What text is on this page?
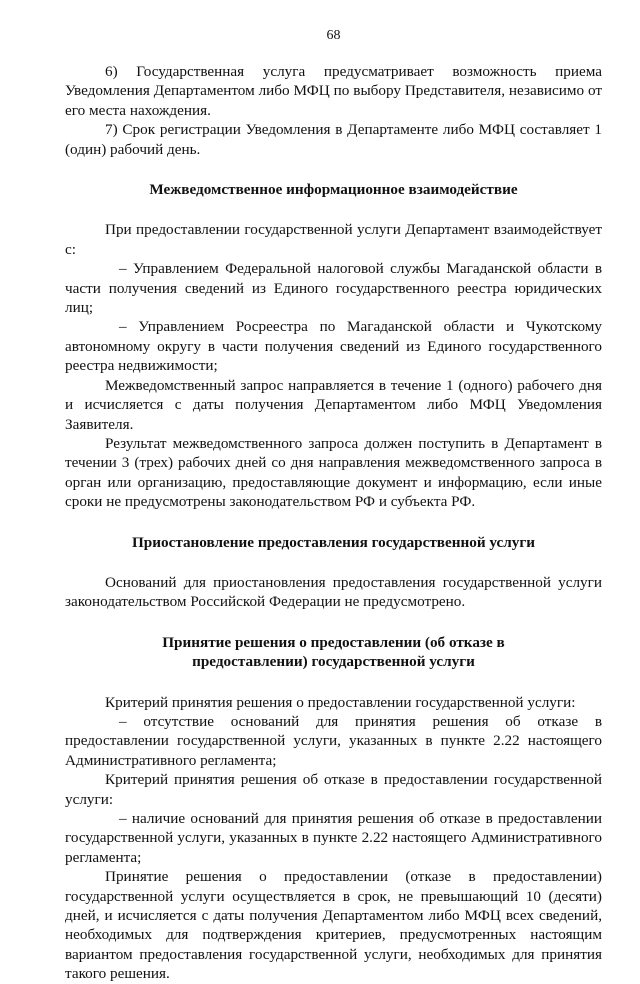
68

6) Государственная услуга предусматривает возможность приема Уведомления Департаментом либо МФЦ по выбору Представителя, независимо от его места нахождения.

7) Срок регистрации Уведомления в Департаменте либо МФЦ составляет 1 (один) рабочий день.

Межведомственное информационное взаимодействие

При предоставлении государственной услуги Департамент взаимодействует с:

– Управлением Федеральной налоговой службы Магаданской области в части получения сведений из Единого государственного реестра юридических лиц;

– Управлением Росреестра по Магаданской области и Чукотскому автономному округу в части получения сведений из Единого государственного реестра недвижимости;

Межведомственный запрос направляется в течение 1 (одного) рабочего дня и исчисляется с даты получения Департаментом либо МФЦ Уведомления Заявителя.

Результат межведомственного запроса должен поступить в Департамент в течении 3 (трех) рабочих дней со дня направления межведомственного запроса в орган или организацию, предоставляющие документ и информацию, если иные сроки не предусмотрены законодательством РФ и субъекта РФ.

Приостановление предоставления государственной услуги

Оснований для приостановления предоставления государственной услуги законодательством Российской Федерации не предусмотрено.

Принятие решения о предоставлении (об отказе в предоставлении) государственной услуги

Критерий принятия решения о предоставлении государственной услуги:

– отсутствие оснований для принятия решения об отказе в предоставлении государственной услуги, указанных в пункте 2.22 настоящего Административного регламента;

Критерий принятия решения об отказе в предоставлении государственной услуги:

– наличие оснований для принятия решения об отказе в предоставлении государственной услуги, указанных в пункте 2.22 настоящего Административного регламента;

Принятие решения о предоставлении (отказе в предоставлении) государственной услуги осуществляется в срок, не превышающий 10 (десяти) дней, и исчисляется с даты получения Департаментом либо МФЦ всех сведений, необходимых для подтверждения критериев, предусмотренных настоящим вариантом предоставления государственной услуги, необходимых для принятия такого решения.
